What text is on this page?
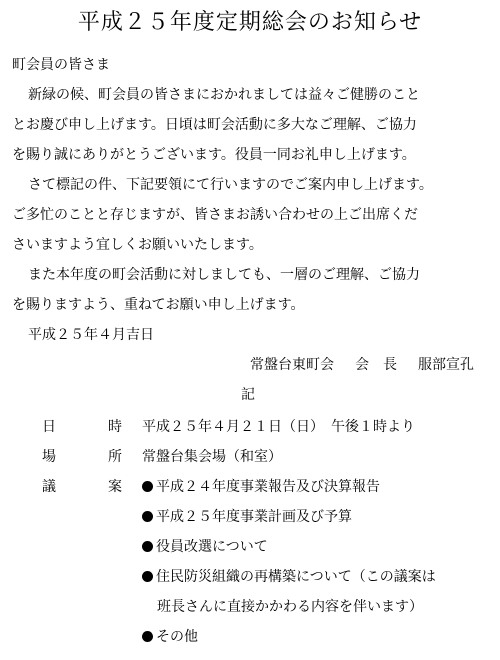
平成２５年度定期総会のお知らせ
町会員の皆さま
新緑の候、町会員の皆さまにおかれましては益々ご健勝のこと
とお慶び申し上げます。日頃は町会活動に多大なご理解、ご協力
を賜り誠にありがとうございます。役員一同お礼申し上げます。
さて標記の件、下記要領にて行いますのでご案内申し上げます。
ご多忙のことと存じますが、皆さまお誘い合わせの上ご出席くだ
さいますよう宜しくお願いいたします。
また本年度の町会活動に対しましても、一層のご理解、ご協力
を賜りますよう、重ねてお願い申し上げます。
平成２５年４月吉日
常盤台東町会 会　長 服部宣孔
記
日	時 平成２５年４月２１日（日）　午後１時より
場	所 常盤台集会場（和室）
議	案	平成２４年度事業報告及び決算報告
平成２５年度事業計画及び予算
役員改選について
住民防災組織の再構築について（この議案は
班長さんに直接かかわる内容を伴います）
その他
